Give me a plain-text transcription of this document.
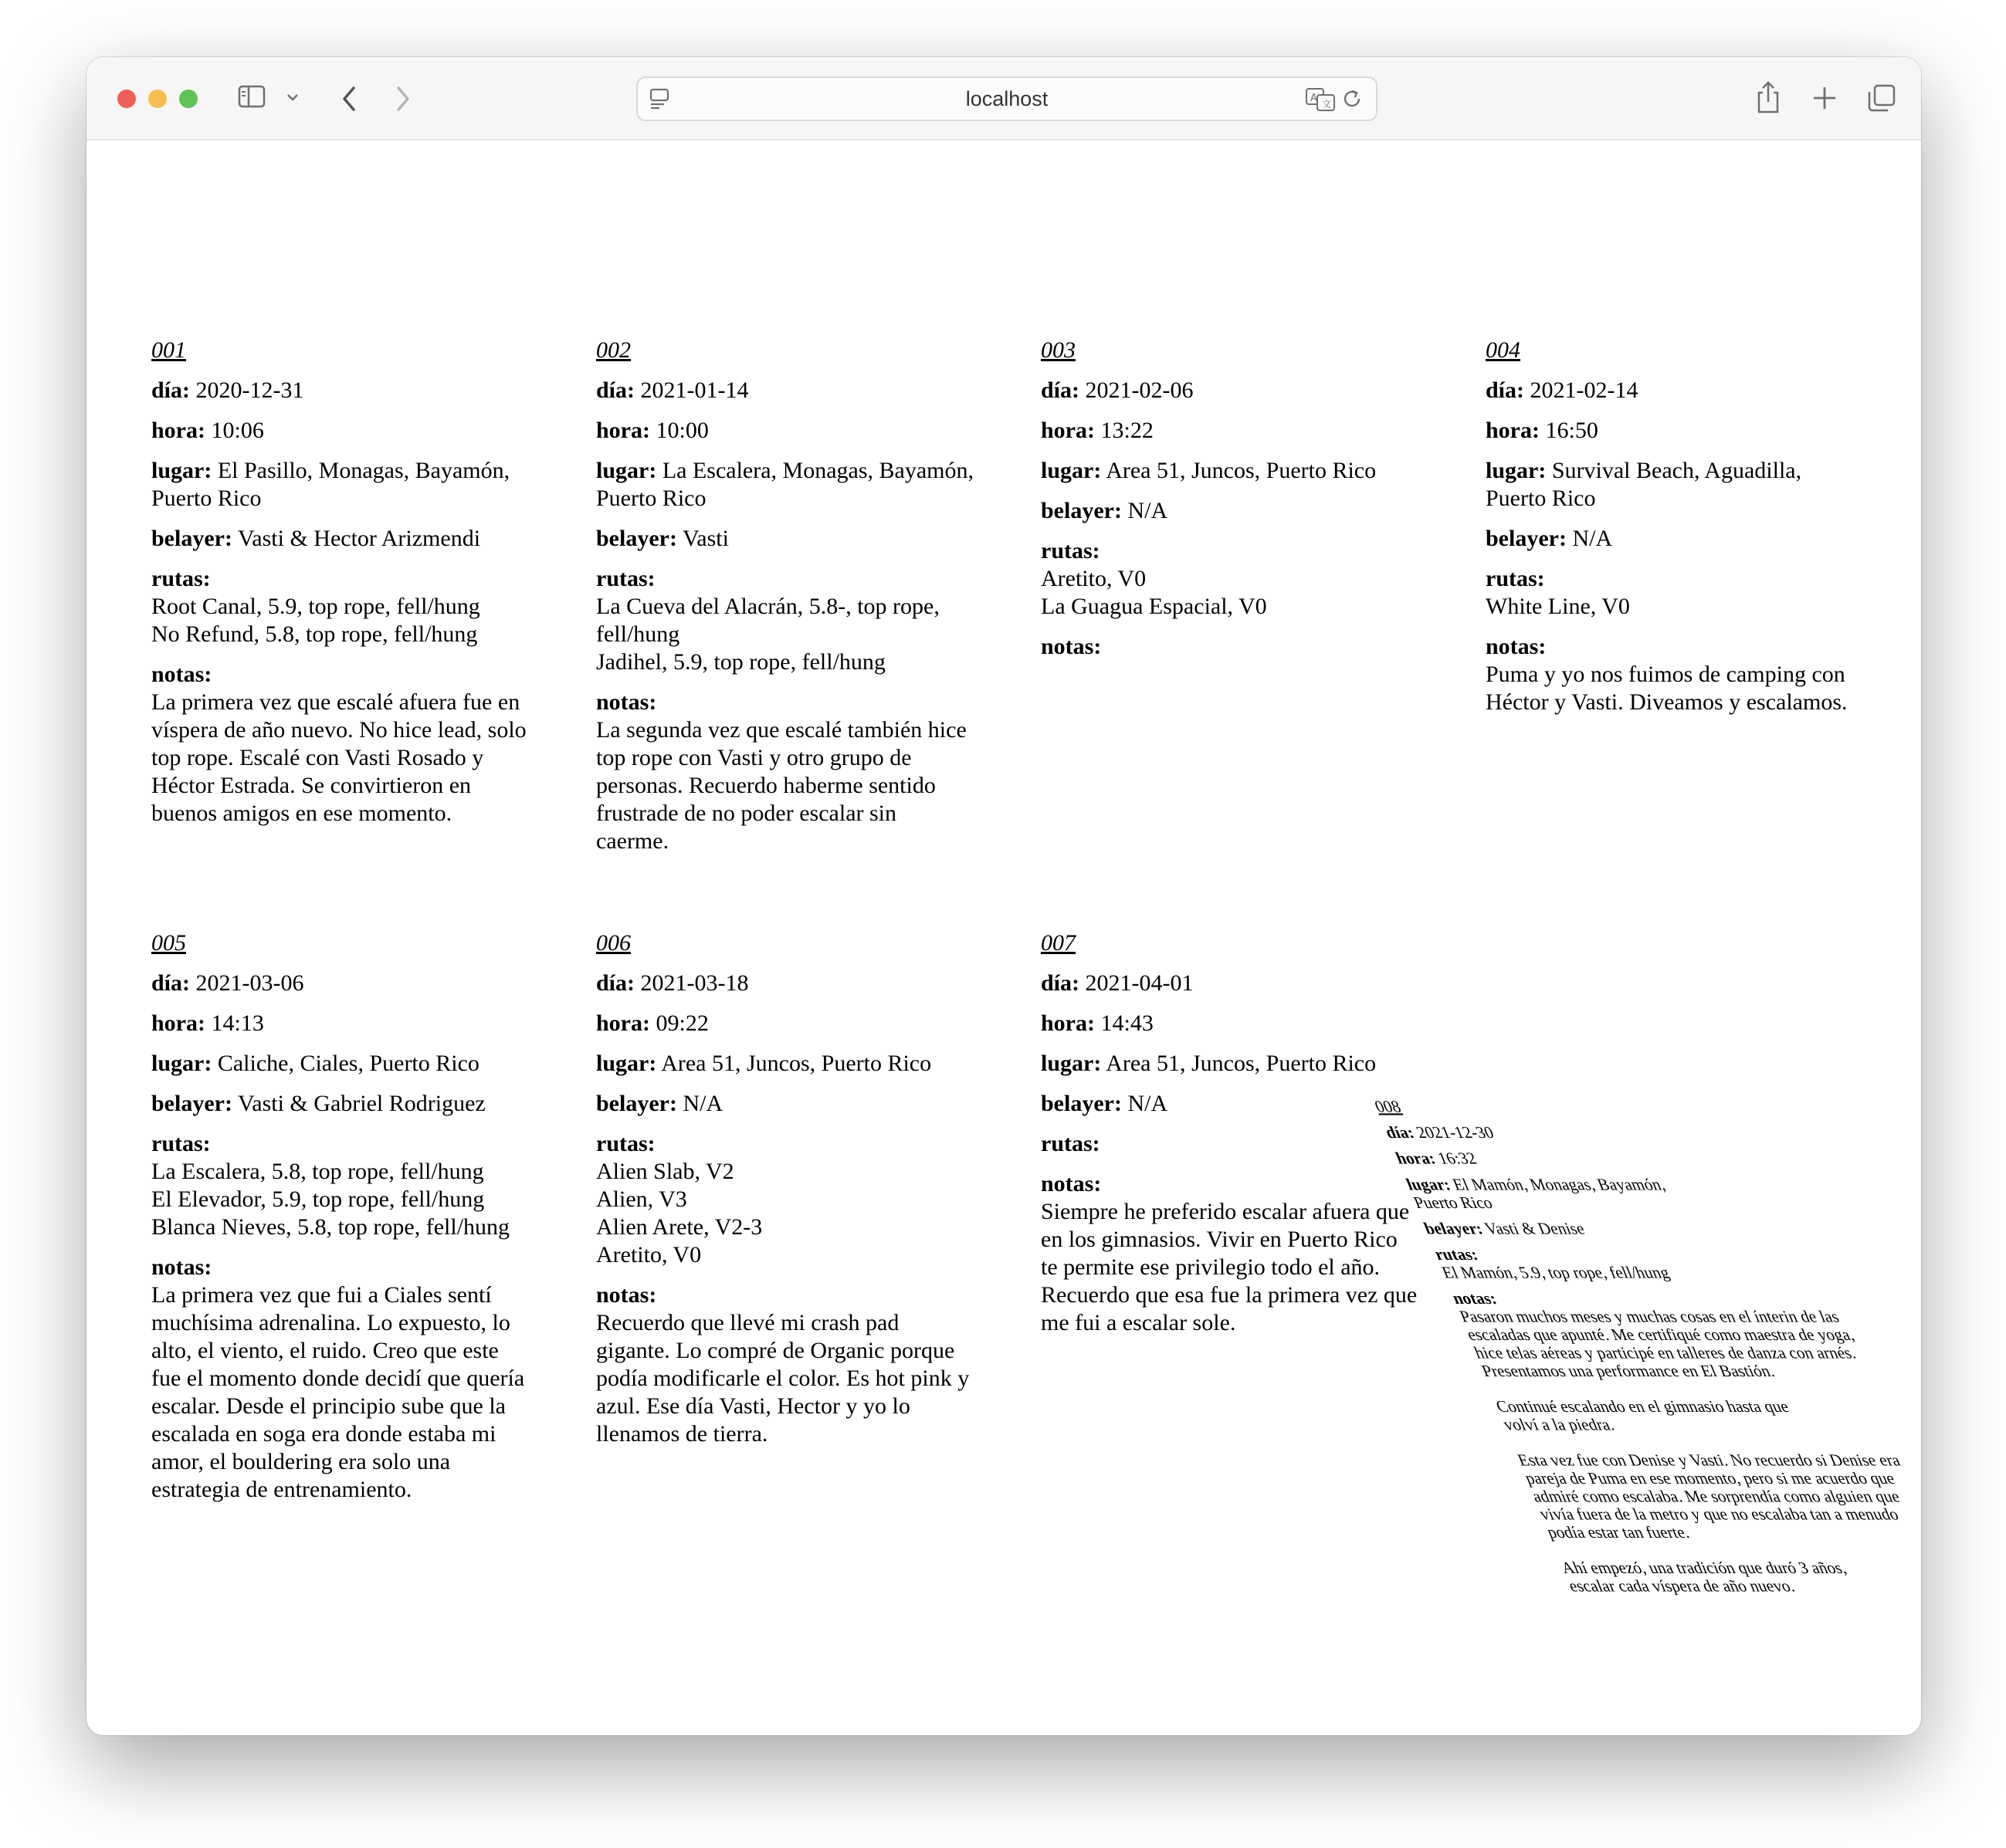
localhost	A 文
001

día: 2020-12-31

hora: 10:06

lugar: El Pasillo, Monagas, Bayamón, Puerto Rico

belayer: Vasti & Hector Arizmendi

rutas:
Root Canal, 5.9, top rope, fell/hung
No Refund, 5.8, top rope, fell/hung

notas:
La primera vez que escalé afuera fue en víspera de año nuevo. No hice lead, solo top rope. Escalé con Vasti Rosado y Héctor Estrada. Se convirtieron en buenos amigos en ese momento.

002

día: 2021-01-14

hora: 10:00

lugar: La Escalera, Monagas, Bayamón, Puerto Rico

belayer: Vasti

rutas:
La Cueva del Alacrán, 5.8-, top rope, fell/hung
Jadihel, 5.9, top rope, fell/hung

notas:
La segunda vez que escalé también hice top rope con Vasti y otro grupo de personas. Recuerdo haberme sentido frustrade de no poder escalar sin caerme.

003

día: 2021-02-06

hora: 13:22

lugar: Area 51, Juncos, Puerto Rico

belayer: N/A

rutas:
Aretito, V0
La Guagua Espacial, V0

notas:

004

día: 2021-02-14

hora: 16:50

lugar: Survival Beach, Aguadilla, Puerto Rico

belayer: N/A

rutas:
White Line, V0

notas:
Puma y yo nos fuimos de camping con Héctor y Vasti. Diveamos y escalamos.

005

día: 2021-03-06

hora: 14:13

lugar: Caliche, Ciales, Puerto Rico

belayer: Vasti & Gabriel Rodriguez

rutas:
La Escalera, 5.8, top rope, fell/hung
El Elevador, 5.9, top rope, fell/hung
Blanca Nieves, 5.8, top rope, fell/hung

notas:
La primera vez que fui a Ciales sentí muchísima adrenalina. Lo expuesto, lo alto, el viento, el ruido. Creo que este fue el momento donde decidí que quería escalar. Desde el principio sube que la escalada en soga era donde estaba mi amor, el bouldering era solo una estrategia de entrenamiento.

006

día: 2021-03-18

hora: 09:22

lugar: Area 51, Juncos, Puerto Rico

belayer: N/A

rutas:
Alien Slab, V2
Alien, V3
Alien Arete, V2-3
Aretito, V0

notas:
Recuerdo que llevé mi crash pad gigante. Lo compré de Organic porque podía modificarle el color. Es hot pink y azul. Ese día Vasti, Hector y yo lo llenamos de tierra.

007

día: 2021-04-01

hora: 14:43

lugar: Area 51, Juncos, Puerto Rico

belayer: N/A

rutas:

notas:
Siempre he preferido escalar afuera que en los gimnasios. Vivir en Puerto Rico te permite ese privilegio todo el año. Recuerdo que esa fue la primera vez que me fui a escalar sole.

008

día: 2021-12-30

hora: 16:32

lugar: El Mamón, Monagas, Bayamón, Puerto Rico

belayer: Vasti & Denise

rutas:
El Mamón, 5.9, top rope, fell/hung

notas:
Pasaron muchos meses y muchas cosas en el ínterin de las escaladas que apunté. Me certifiqué como maestra de yoga, hice telas aéreas y participé en talleres de danza con arnés. Presentamos una performance en El Bastión.
Continué escalando en el gimnasio hasta que volví a la piedra.
Esta vez fue con Denise y Vasti. No recuerdo si Denise era pareja de Puma en ese momento, pero si me acuerdo que admiré como escalaba. Me sorprendía como alguien que vivía fuera de la metro y que no escalaba tan a menudo podía estar tan fuerte.
Ahí empezó, una tradición que duró 3 años, escalar cada víspera de año nuevo.
